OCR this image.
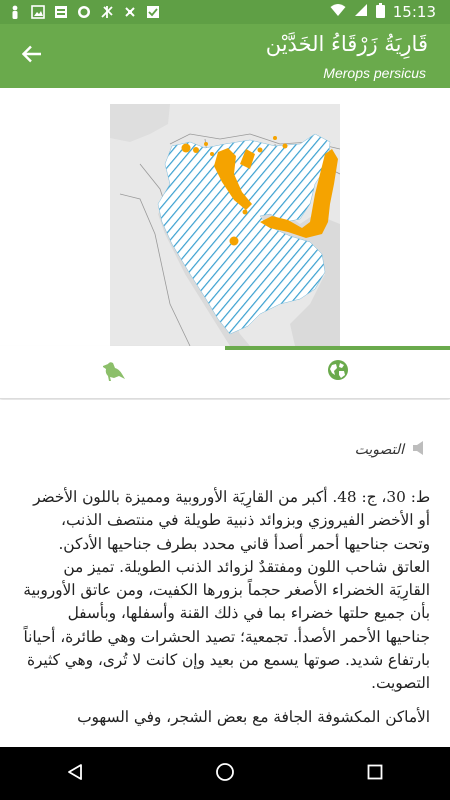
15:13
قَارِيَةُ زَرْقَاءُ الخَدَّيْن
Merops persicus
التصويت

ط: 30، ج: 48. أكبر من القارِيَة الأوروبية ومميزة باللون الأخضر أو الأخضر الفيروزي وبزوائد ذنبية طويلة في منتصف الذنب، وتحت جناحيها أحمر أصدأ قاني محدد بطرف جناحيها الأدكن. العاتق شاحب اللون ومفتقدٌ لزوائد الذنب الطويلة. تميز من القارِيَة الخضراء الأصغر حجماً بزورها الكفيت، ومن عاتق الأوروبية بأن جميع حلتها خضراء بما في ذلك القنة وأسفلها، وبأسفل جناحيها الأحمر الأصدأ. تجمعية؛ تصيد الحشرات وهي طائرة، أحياناً بارتفاع شديد. صوتها يسمع من بعيد وإن كانت لا تُرى، وهي كثيرة التصويت.

الأماكن المكشوفة الجافة مع بعض الشجر، وفي السهوب
